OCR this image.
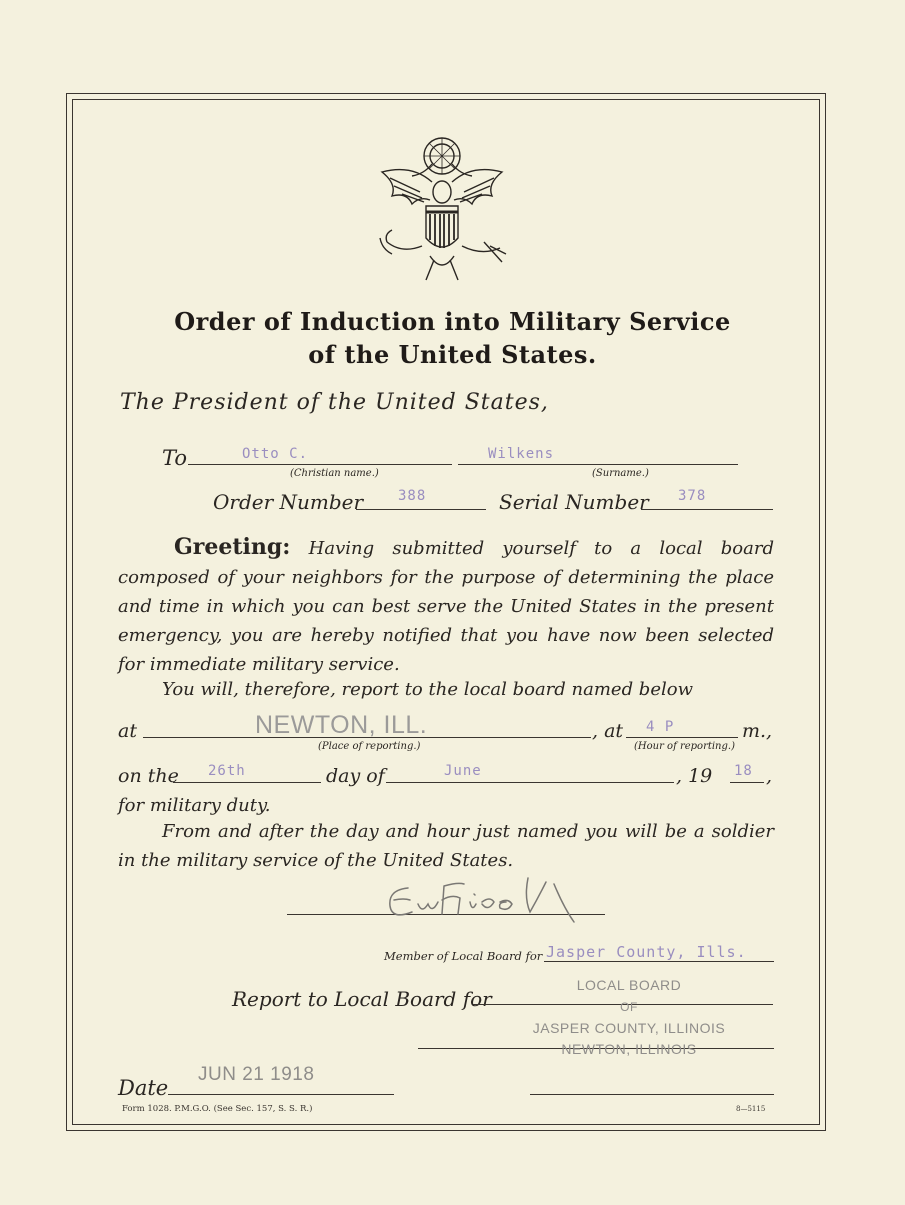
Order of Induction into Military Service
of the United States.
The President of the United States,
To	Otto C.	Wilkens
(Christian name.)	(Surname.)
Order Number 388	Serial Number 378
Greeting: Having submitted yourself to a local board composed of your neighbors for the purpose of determining the place and time in which you can best serve the United States in the present emergency, you are hereby notified that you have now been selected for immediate military service.
You will, therefore, report to the local board named below
at	NEWTON, ILL.
(Place of reporting.)
, at 4 P	m.,
(Hour of reporting.)
on the 26th	day of	June	, 19 18 ,
for military duty.
From and after the day and hour just named you will be a soldier in the military service of the United States.
Member of Local Board for Jasper County, Ills.
Report to Local Board for
LOCAL BOARD
OF
JASPER COUNTY, ILLINOIS
NEWTON, ILLINOIS
Date
JUN 21 1918
Form 1028. P.M.G.O. (See Sec. 157, S. S. R.)	8—5115
